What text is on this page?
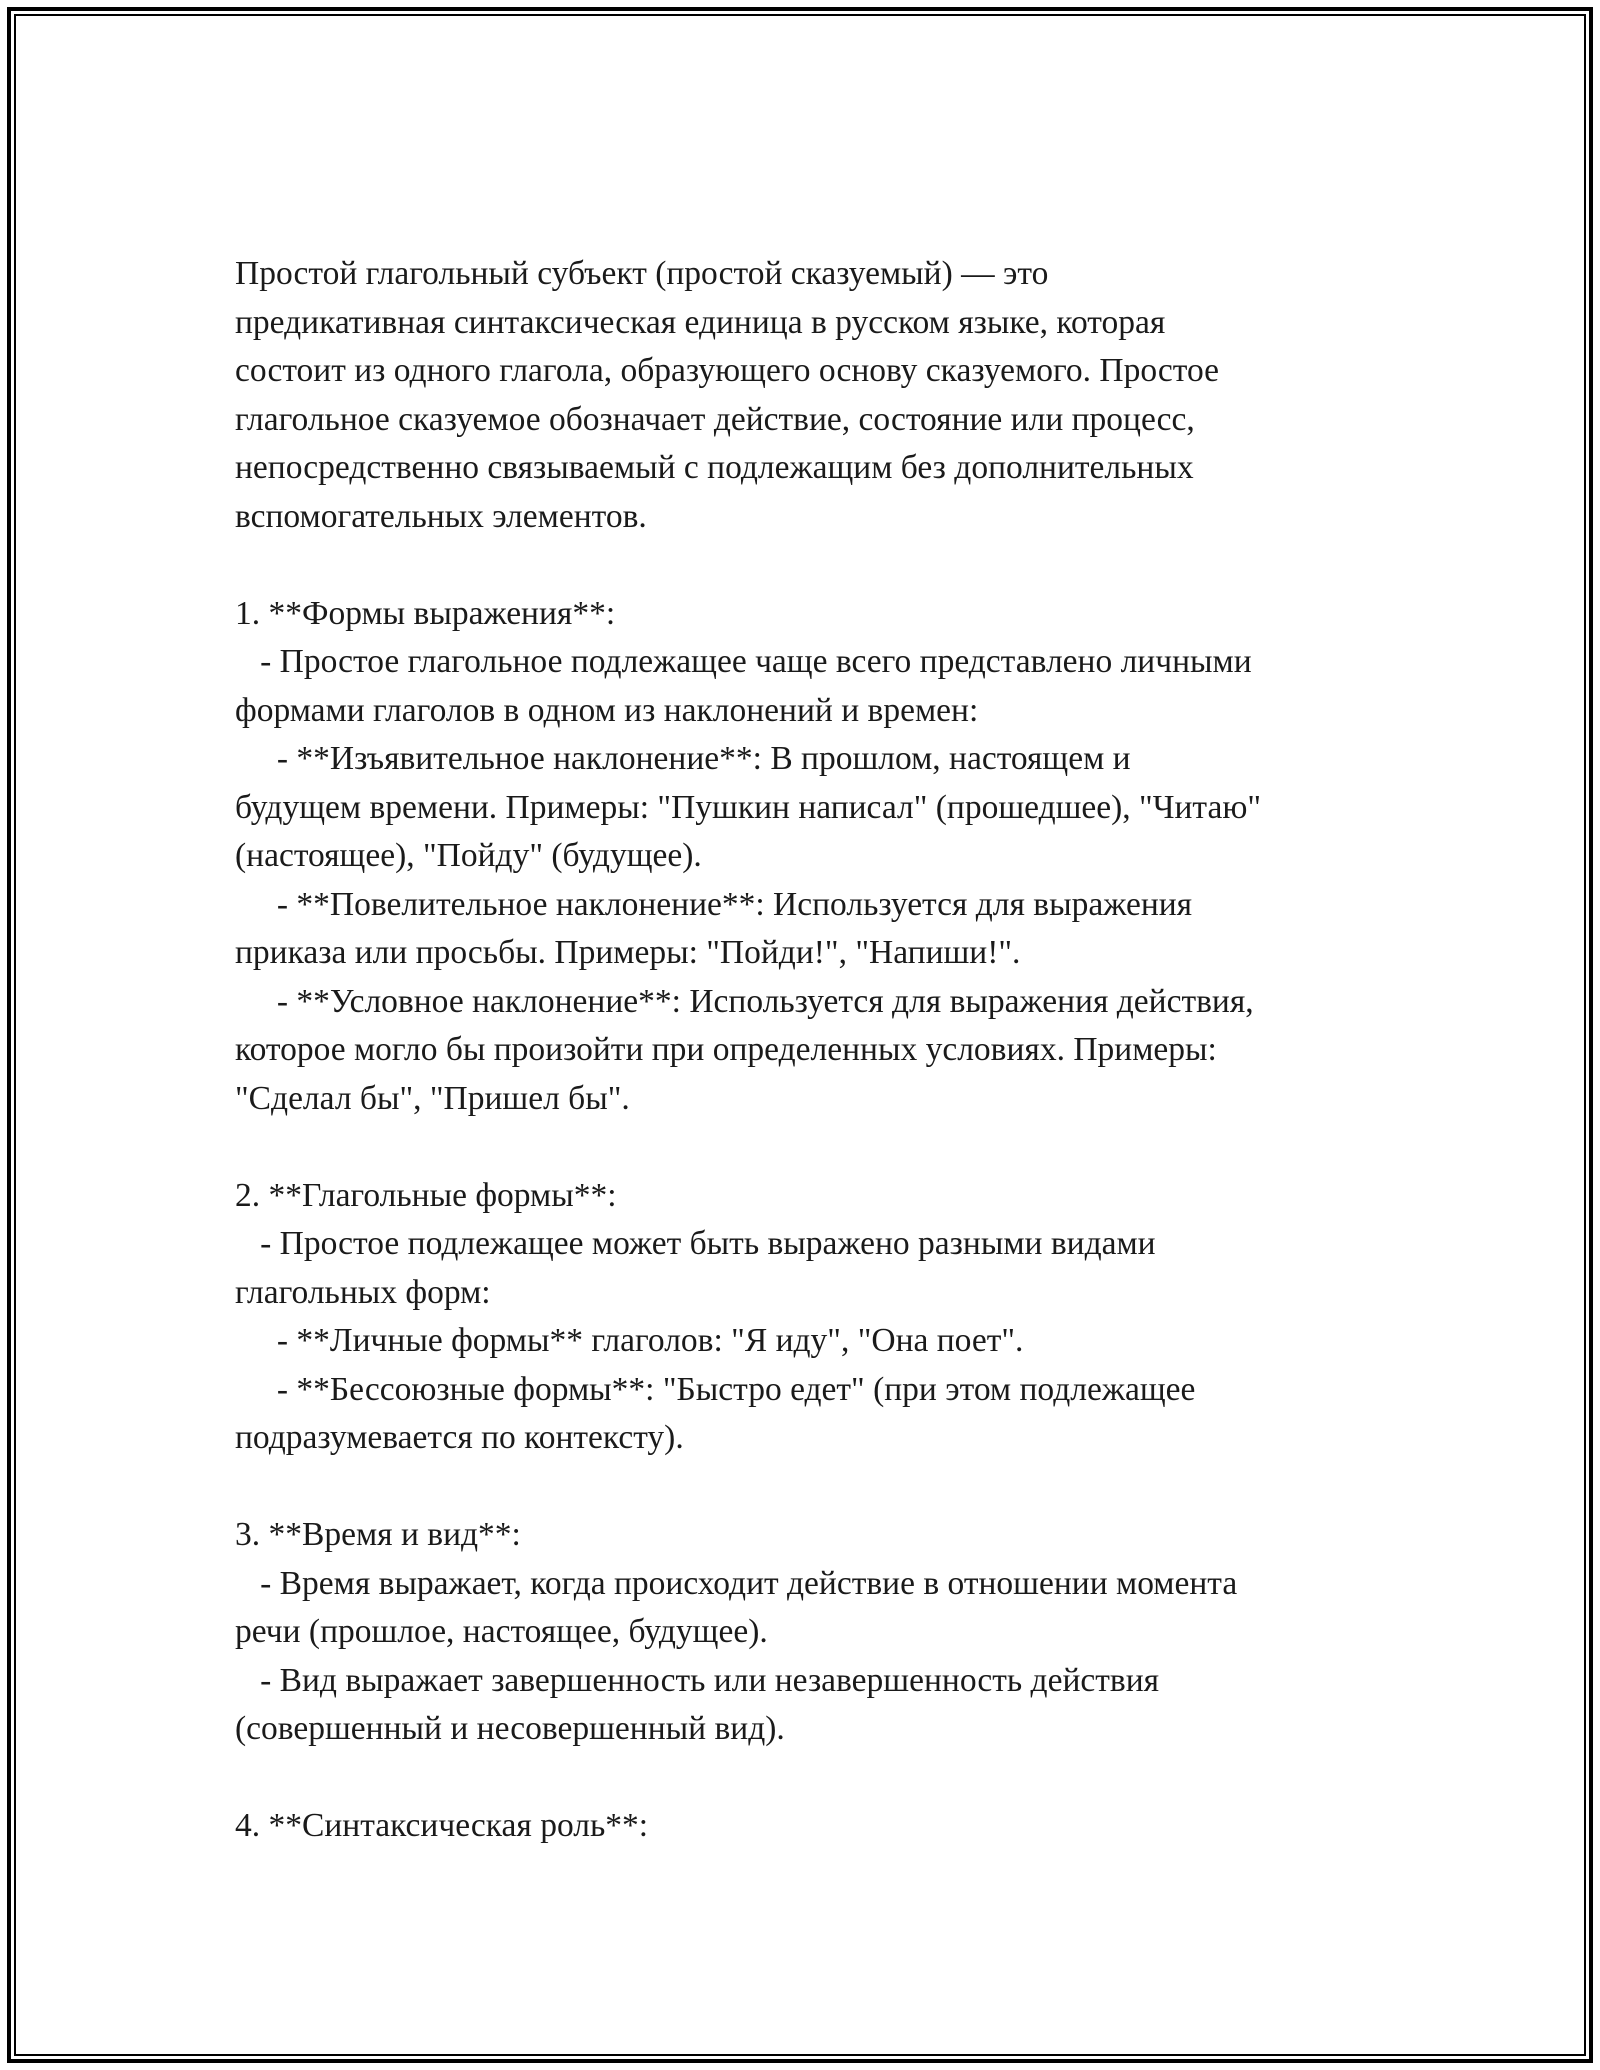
Простой глагольный субъект (простой сказуемый) — это
предикативная синтаксическая единица в русском языке, которая
состоит из одного глагола, образующего основу сказуемого. Простое
глагольное сказуемое обозначает действие, состояние или процесс,
непосредственно связываемый с подлежащим без дополнительных
вспомогательных элементов.
1. **Формы выражения**:
- Простое глагольное подлежащее чаще всего представлено личными
формами глаголов в одном из наклонений и времен:
- **Изъявительное наклонение**: В прошлом, настоящем и
будущем времени. Примеры: "Пушкин написал" (прошедшее), "Читаю"
(настоящее), "Пойду" (будущее).
- **Повелительное наклонение**: Используется для выражения
приказа или просьбы. Примеры: "Пойди!", "Напиши!".
- **Условное наклонение**: Используется для выражения действия,
которое могло бы произойти при определенных условиях. Примеры:
"Сделал бы", "Пришел бы".
2. **Глагольные формы**:
- Простое подлежащее может быть выражено разными видами
глагольных форм:
- **Личные формы** глаголов: "Я иду", "Она поет".
- **Бессоюзные формы**: "Быстро едет" (при этом подлежащее
подразумевается по контексту).
3. **Время и вид**:
- Время выражает, когда происходит действие в отношении момента
речи (прошлое, настоящее, будущее).
- Вид выражает завершенность или незавершенность действия
(совершенный и несовершенный вид).
4. **Синтаксическая роль**:
